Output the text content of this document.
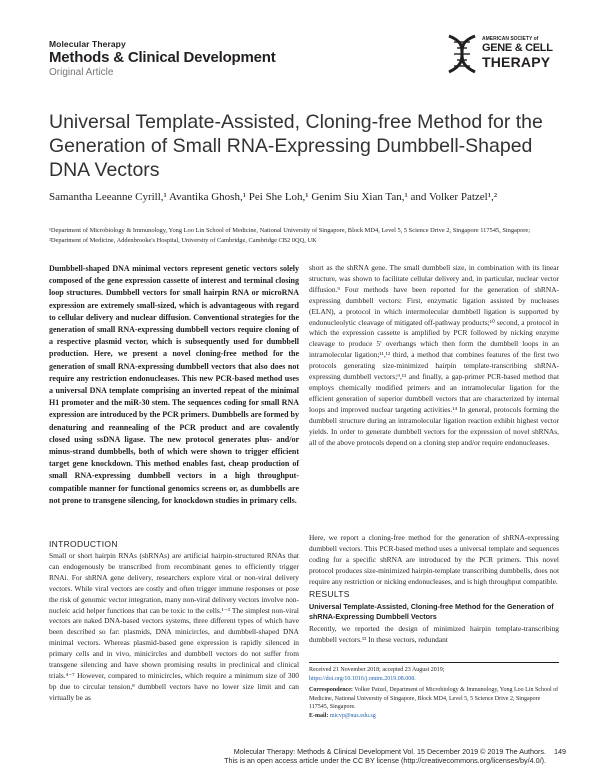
Molecular Therapy
Methods & Clinical Development
Original Article
AMERICAN SOCIETY of
GENE & CELL
THERAPY
Universal Template-Assisted, Cloning-free Method for the Generation of Small RNA-Expressing Dumbbell-Shaped DNA Vectors
Samantha Leeanne Cyrill,¹ Avantika Ghosh,¹ Pei She Loh,¹ Genim Siu Xian Tan,¹ and Volker Patzel¹,²
¹Department of Microbiology & Immunology, Yong Loo Lin School of Medicine, National University of Singapore, Block MD4, Level 5, 5 Science Drive 2, Singapore 117545, Singapore; ²Department of Medicine, Addenbrooke's Hospital, University of Cambridge, Cambridge CB2 0QQ, UK
Dumbbell-shaped DNA minimal vectors represent genetic vectors solely composed of the gene expression cassette of interest and terminal closing loop structures. Dumbbell vectors for small hairpin RNA or microRNA expression are extremely small-sized, which is advantageous with regard to cellular delivery and nuclear diffusion. Conventional strategies for the generation of small RNA-expressing dumbbell vectors require cloning of a respective plasmid vector, which is subsequently used for dumbbell production. Here, we present a novel cloning-free method for the generation of small RNA-expressing dumbbell vectors that also does not require any restriction endonucleases. This new PCR-based method uses a universal DNA template comprising an inverted repeat of the minimal H1 promoter and the miR-30 stem. The sequences coding for small RNA expression are introduced by the PCR primers. Dumbbells are formed by denaturing and reannealing of the PCR product and are covalently closed using ssDNA ligase. The new protocol generates plus- and/or minus-strand dumbbells, both of which were shown to trigger efficient target gene knockdown. This method enables fast, cheap production of small RNA-expressing dumbbell vectors in a high throughput-compatible manner for functional genomics screens or, as dumbbells are not prone to transgene silencing, for knockdown studies in primary cells.
INTRODUCTION
Small or short hairpin RNAs (shRNAs) are artificial hairpin-structured RNAs that can endogenously be transcribed from recombinant genes to efficiently trigger RNAi. For shRNA gene delivery, researchers explore viral or non-viral delivery vectors. While viral vectors are costly and often trigger immune responses or pose the risk of genomic vector integration, many non-viral delivery vectors involve non-nucleic acid helper functions that can be toxic to the cells.¹⁻³ The simplest non-viral vectors are naked DNA-based vectors systems, three different types of which have been described so far: plasmids, DNA minicircles, and dumbbell-shaped DNA minimal vectors. Whereas plasmid-based gene expression is rapidly silenced in primary cells and in vivo, minicircles and dumbbell vectors do not suffer from transgene silencing and have shown promising results in preclinical and clinical trials.⁴⁻⁷ However, compared to minicircles, which require a minimum size of 300 bp due to circular tension,⁸ dumbbell vectors have no lower size limit and can virtually be as
short as the shRNA gene. The small dumbbell size, in combination with its linear structure, was shown to facilitate cellular delivery and, in particular, nuclear vector diffusion.⁹ Four methods have been reported for the generation of shRNA-expressing dumbbell vectors: First, enzymatic ligation assisted by nucleases (ELAN), a protocol in which intermolecular dumbbell ligation is supported by endonucleolytic cleavage of mitigated off-pathway products;¹⁰ second, a protocol in which the expression cassette is amplified by PCR followed by nicking enzyme cleavage to produce 5′ overhangs which then form the dumbbell loops in an intramolecular ligation;¹¹,¹² third, a method that combines features of the first two protocols generating size-minimized hairpin template-transcribing shRNA-expressing dumbbell vectors;⁹,¹³ and finally, a gap-primer PCR-based method that employs chemically modified primers and an intramolecular ligation for the efficient generation of superior dumbbell vectors that are characterized by internal loops and improved nuclear targeting activities.¹⁴ In general, protocols forming the dumbbell structure during an intramolecular ligation reaction exhibit highest vector yields. In order to generate dumbbell vectors for the expression of novel shRNAs, all of the above protocols depend on a cloning step and/or require endonucleases.
Here, we report a cloning-free method for the generation of shRNA-expressing dumbbell vectors. This PCR-based method uses a universal template and sequences coding for a specific shRNA are introduced by the PCR primers. This novel protocol produces size-minimized hairpin-template transcribing dumbbells, does not require any restriction or nicking endonucleases, and is high throughput compatible.
RESULTS
Universal Template-Assisted, Cloning-free Method for the Generation of shRNA-Expressing Dumbbell Vectors
Recently, we reported the design of minimized hairpin template-transcribing dumbbell vectors.¹³ In these vectors, redundant
Received 21 November 2018; accepted 23 August 2019;
https://doi.org/10.1016/j.omtm.2019.08.008.
Correspondence: Volker Patzel, Department of Microbiology & Immunology, Yong Loo Lin School of Medicine, National University of Singapore, Block MD4, Level 5, 5 Science Drive 2, Singapore 117545, Singapore.
E-mail: micvp@nus.edu.sg
Molecular Therapy: Methods & Clinical Development Vol. 15 December 2019 © 2019 The Authors.
This is an open access article under the CC BY license (http://creativecommons.org/licenses/by/4.0/).
149
